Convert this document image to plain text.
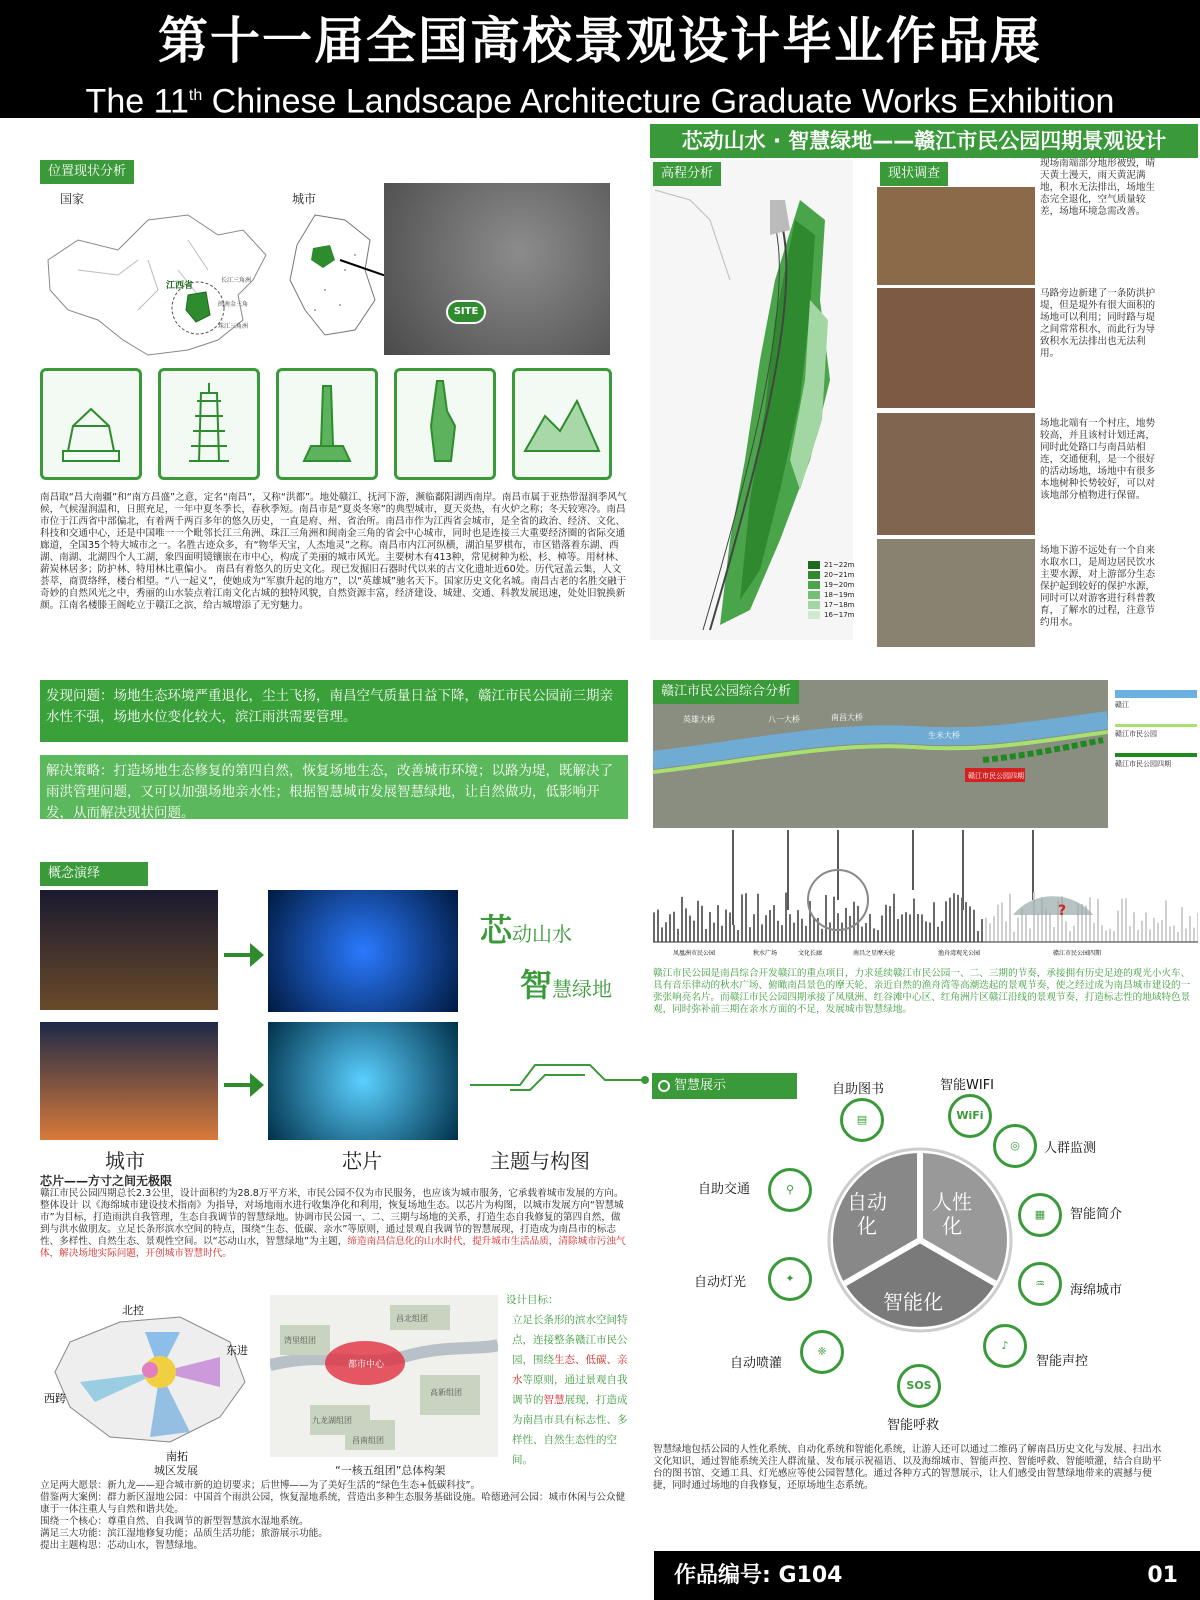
第十一届全国高校景观设计毕业作品展
The 11th Chinese Landscape Architecture Graduate Works Exhibition
芯动山水 · 智慧绿地——赣江市民公园四期景观设计
位置现状分析
国家	城市
江西省
长江三角洲
闽南金三角
珠江三角洲
SITE
南昌取“昌大南疆”和“南方昌盛”之意，定名“南昌”，又称“洪都”。地处赣江、抚河下游，濒临鄱阳湖西南岸。南昌市属于亚热带湿润季风气候，气候湿润温和，日照充足，一年中夏冬季长，春秋季短。南昌市是“夏炎冬寒”的典型城市，夏天炎热，有火炉之称；冬天较寒冷。南昌市位于江西省中部偏北，有着两千两百多年的悠久历史，一直是府、州、省治所。南昌市作为江西省会城市，是全省的政治、经济、文化、科技和交通中心，还是中国唯一一个毗邻长江三角洲、珠江三角洲和闽南金三角的省会中心城市，同时也是连接三大重要经济圈的省际交通廊道，全国35个特大城市之一。名胜古迹众多，有“物华天宝，人杰地灵”之称。南昌市内江河纵横，湖泊星罗棋布，市区错落着东湖、西湖、南湖、北湖四个人工湖，象四面明镜镶嵌在市中心，构成了美丽的城市风光。主要树木有413种，常见树种为松、杉、樟等。用材林、薪炭林居多；防护林、特用林比重偏小。 南昌有着悠久的历史文化。现已发掘旧石器时代以来的古文化遗址近60处。历代冠盖云集，人文荟萃，商贾络绎，楼台相望。“八一起义”，使她成为“军旗升起的地方”，以“英雄城”驰名天下。国家历史文化名城。南昌古老的名胜交融于奇妙的自然风光之中，秀丽的山水装点着江南文化古城的独特风貌，自然资源丰富，经济建设、城建、交通、科教发展迅速，处处旧貌换新颜。江南名楼滕王阁屹立于赣江之滨，给古城增添了无穷魅力。
高程分析
21~22m
20~21m
19~20m
18~19m
17~18m
16~17m
现状调查
现场南端部分地形被毁，晴天黄土漫天，雨天黄泥满地，积水无法排出，场地生态完全退化，空气质量较差，场地环境急需改善。
马路旁边新建了一条防洪护堤，但是堤外有很大面积的场地可以利用；同时路与堤之间常常积水，而此行为导致积水无法排出也无法利用。
场地北端有一个村庄，地势较高，并且该村计划迁离，同时此处路口与南昌站相连，交通便利，是一个很好的活动场地，场地中有很多本地树种长势较好，可以对该地部分植物进行保留。
场地下游不远处有一个自来水取水口，是周边居民饮水主要水源，对上游部分生态保护起到较好的保护水源，同时可以对游客进行科普教育，了解水的过程，注意节约用水。
发现问题：场地生态环境严重退化，尘土飞扬，南昌空气质量日益下降，赣江市民公园前三期亲水性不强，场地水位变化较大，滨江雨洪需要管理。
解决策略：打造场地生态修复的第四自然，恢复场地生态，改善城市环境；以路为堤，既解决了雨洪管理问题，又可以加强场地亲水性；根据智慧城市发展智慧绿地，让自然做功，低影响开发，从而解决现状问题。
概念演绎
芯动山水
智慧绿地
城市	芯片	主题与构图
芯片——方寸之间无极限
赣江市民公园四期总长2.3公里，设计面积约为28.8万平方米，市民公园不仅为市民服务，也应该为城市服务，它承载着城市发展的方向。整体设计 以《海绵城市建设技术指南》为指导，对场地雨水进行收集净化和利用，恢复场地生态。以芯片为构图，以城市发展方向“智慧城市”为目标，打造雨洪自我管理，生态自我调节的智慧绿地。协调市民公园一、二、三期与场地的关系，打造生态自我修复的第四自然，做到与洪水做朋友。立足长条形滨水空间的特点，围绕“生态、低碳、亲水”等原则，通过景观自我调节的智慧展现，打造成为南昌市的标志性、多样性、自然生态、景观性空间。以“芯动山水，智慧绿地”为主题，缔造南昌信息化的山水时代，提升城市生活品质，清除城市污浊气体，解决场地实际问题，开创城市智慧时代。
北控
东进
西跨
南拓
城区发展
都市中心
昌北组团
湾里组团
高新组团
九龙湖组团
昌南组团
“一核五组团”总体构架
设计目标：
立足长条形的滨水空间特点，连接整条赣江市民公园，围绕生态、低碳、亲水等原则，通过景观自我调节的智慧展现，打造成为南昌市具有标志性、多样性、自然生态性的空间。
立足两大愿景：新九龙——迎合城市新的迫切要求；后世博——为了美好生活的“绿色生态+低碳科技”。
借鉴两大案例：群力新区湿地公园：中国首个雨洪公园，恢复湿地系统，营造出多种生态服务基础设施。哈德逊河公园：城市休闲与公众健康于一体注重人与自然和谐共处。
围绕一个核心：尊重自然、自我调节的新型智慧滨水湿地系统。
满足三大功能：滨江湿地修复功能；品质生活功能；旅游展示功能。
提出主题构思：芯动山水，智慧绿地。
赣江市民公园四期
英雄大桥	八一大桥	南昌大桥
生米大桥
赣江市民公园综合分析
赣江
赣江市民公园
赣江市民公园四期
?
凤凰洲市民公园	秋水广场	文化长廊	南昌之星摩天轮	渔舟湾观光公园	赣江市民公园四期
赣江市民公园是南昌综合开发赣江的重点项目，力求延续赣江市民公园一、二、三期的节奏，承接拥有历史足迹的观光小火车、具有音乐律动的秋水广场、俯瞰南昌景色的摩天轮、亲近自然的渔舟湾等高潮迭起的景观节奏，使之经过成为南昌城市建设的一张张响亮名片。而赣江市民公园四期承接了凤凰洲、红谷滩中心区、红角洲片区赣江沿线的景观节奏，打造标志性的地域特色景观，同时弥补前三期在亲水方面的不足，发展城市智慧绿地。
智慧展示
自动化
人性化
智能化
▤
自助图书
WiFi
智能WIFI
◎	人群监测
▦	智能简介
♒	海绵城市
♪
智能声控
SOS
智能呼救
❈
自动喷灌
✦
自动灯光
⚲
自助交通
智慧绿地包括公园的人性化系统、自动化系统和智能化系统，让游人还可以通过二维码了解南昌历史文化与发展、扫出水文化知识，通过智能系统关注人群流量、发布展示祝福语、以及海绵城市、智能声控、智能呼救、智能喷灌，结合自助平台的图书馆、交通工具、灯光感应等使公园智慧化。通过各种方式的智慧展示，让人们感受由智慧绿地带来的震撼与便捷，同时通过场地的自我修复，还原场地生态系统。
作品编号: G104	01
